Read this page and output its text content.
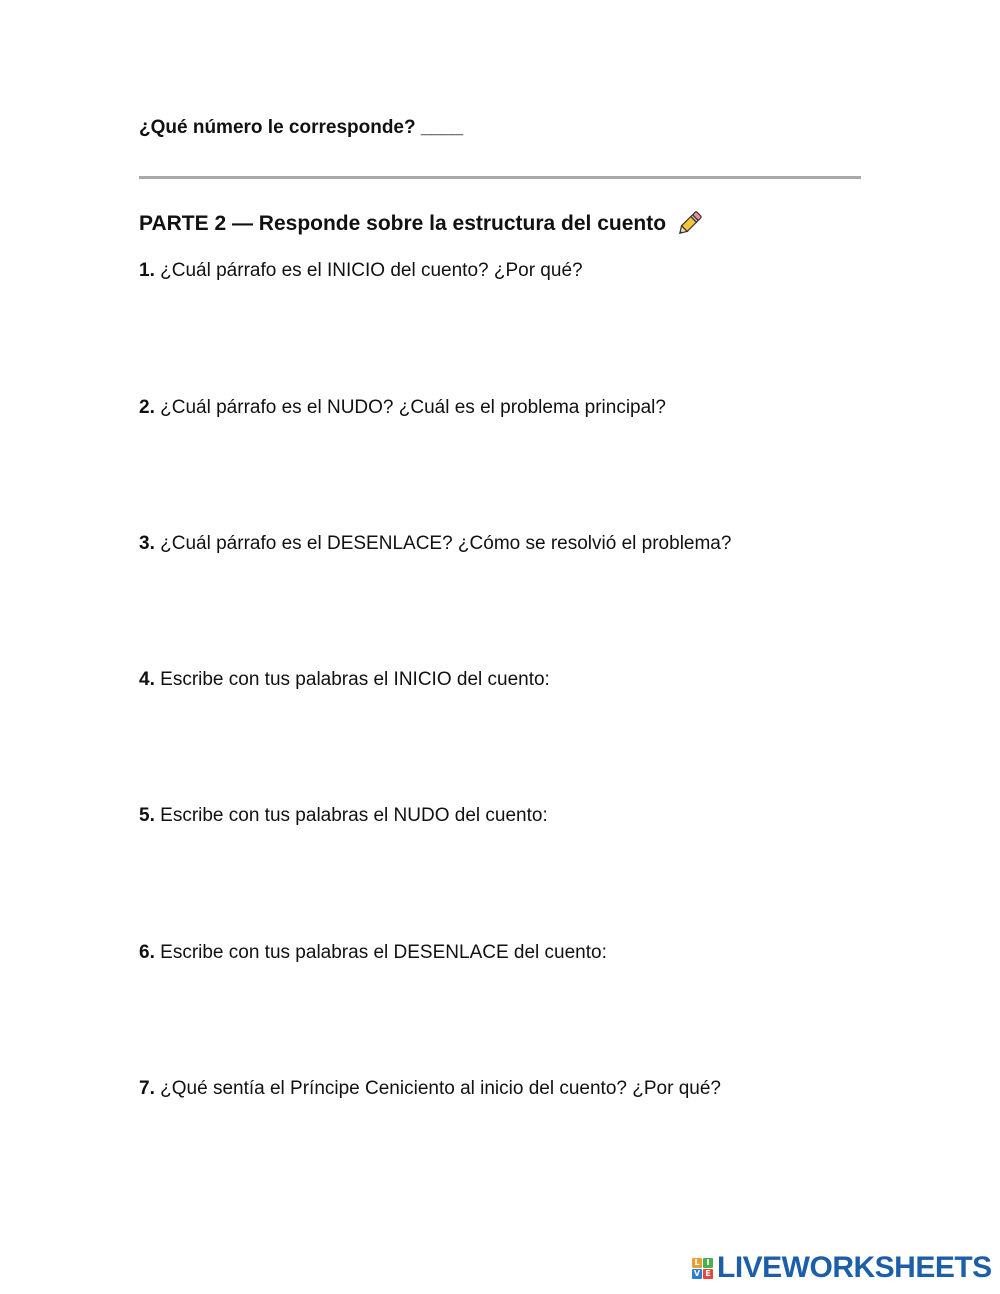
¿Qué número le corresponde? ____

PARTE 2 — Responde sobre la estructura del cuento

1. ¿Cuál párrafo es el INICIO del cuento? ¿Por qué?

2. ¿Cuál párrafo es el NUDO? ¿Cuál es el problema principal?

3. ¿Cuál párrafo es el DESENLACE? ¿Cómo se resolvió el problema?

4. Escribe con tus palabras el INICIO del cuento:

5. Escribe con tus palabras el NUDO del cuento:

6. Escribe con tus palabras el DESENLACE del cuento:

7. ¿Qué sentía el Príncipe Ceniciento al inicio del cuento? ¿Por qué?

L I
V E LIVEWORKSHEETS
